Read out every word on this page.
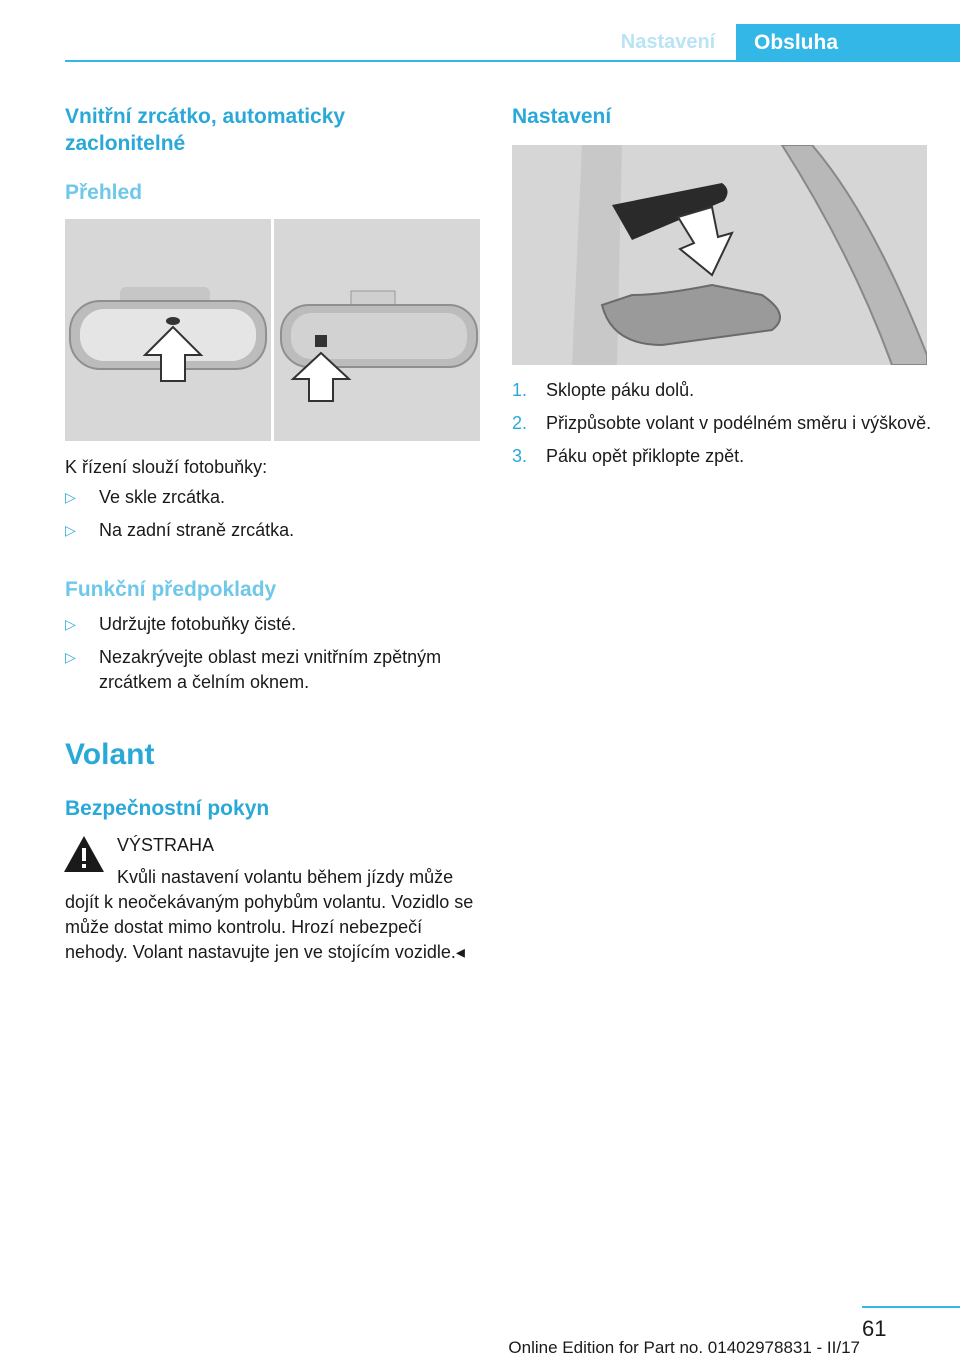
Nastavení	Obsluha
Vnitřní zrcátko, automaticky zaclonitelné
Přehled

K řízení slouží fotobuňky:

▷ Ve skle zrcátka.
▷ Na zadní straně zrcátka.
Funkční předpoklady
▷ Udržujte fotobuňky čisté.
▷ Nezakrývejte oblast mezi vnitřním zpětným zrcátkem a čelním oknem.
Volant
Bezpečnostní pokyn

VÝSTRAHA

Kvůli nastavení volantu během jízdy může dojít k neočekávaným pohybům volantu. Vozidlo se může dostat mimo kontrolu. Hrozí nebezpečí nehody. Volant nastavujte jen ve stojícím vozidle.◂
Nastavení
1. Sklopte páku dolů.
2. Přizpůsobte volant v podélném směru i výškově.
3. Páku opět přiklopte zpět.
61
Online Edition for Part no. 01402978831 - II/17
